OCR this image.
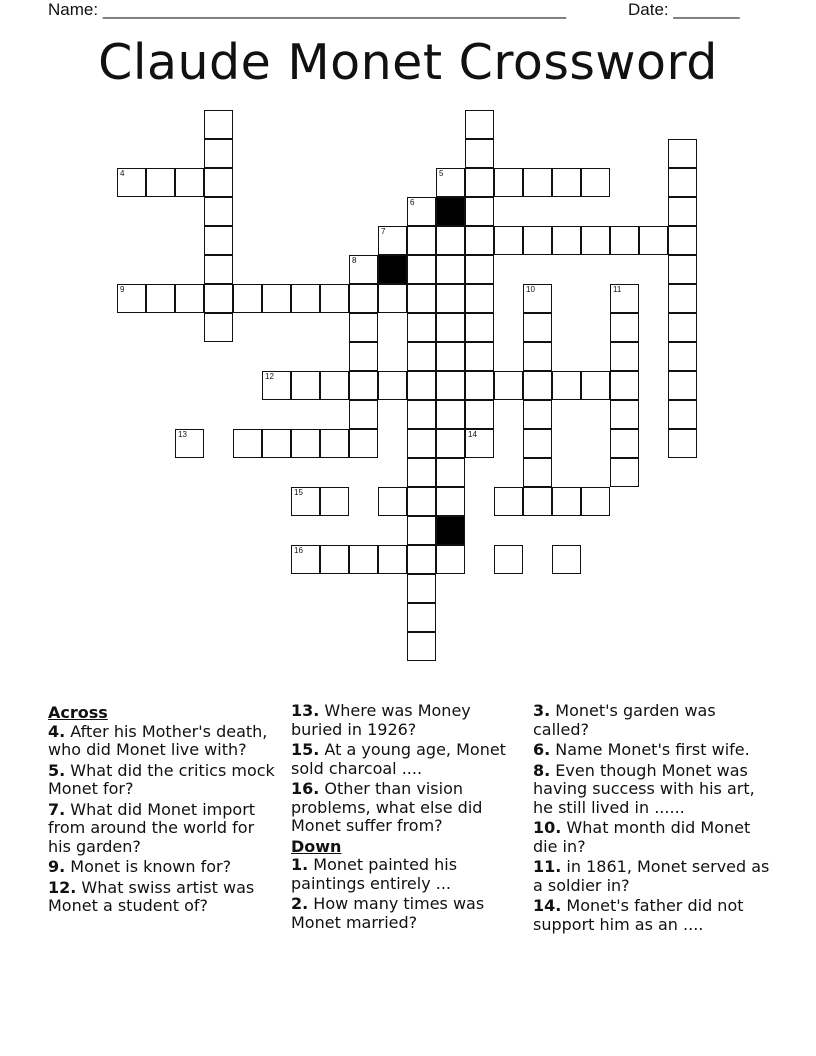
Name: _________________________________________________	Date: _______
Claude Monet Crossword
4	5
6
7
8
9	10	11
12
13	14
15
16
Across
4. After his Mother's death, who did Monet live with?
5. What did the critics mock Monet for?
7. What did Monet import from around the world for his garden?
9. Monet is known for?
12. What swiss artist was Monet a student of?
13. Where was Money buried in 1926?
15. At a young age, Monet sold charcoal ....
16. Other than vision problems, what else did Monet suffer from?
Down
1. Monet painted his paintings entirely ...
2. How many times was Monet married?
3. Monet's garden was called?
6. Name Monet's first wife.
8. Even though Monet was having success with his art, he still lived in ......
10. What month did Monet die in?
11. in 1861, Monet served as a soldier in?
14. Monet's father did not support him as an ....
